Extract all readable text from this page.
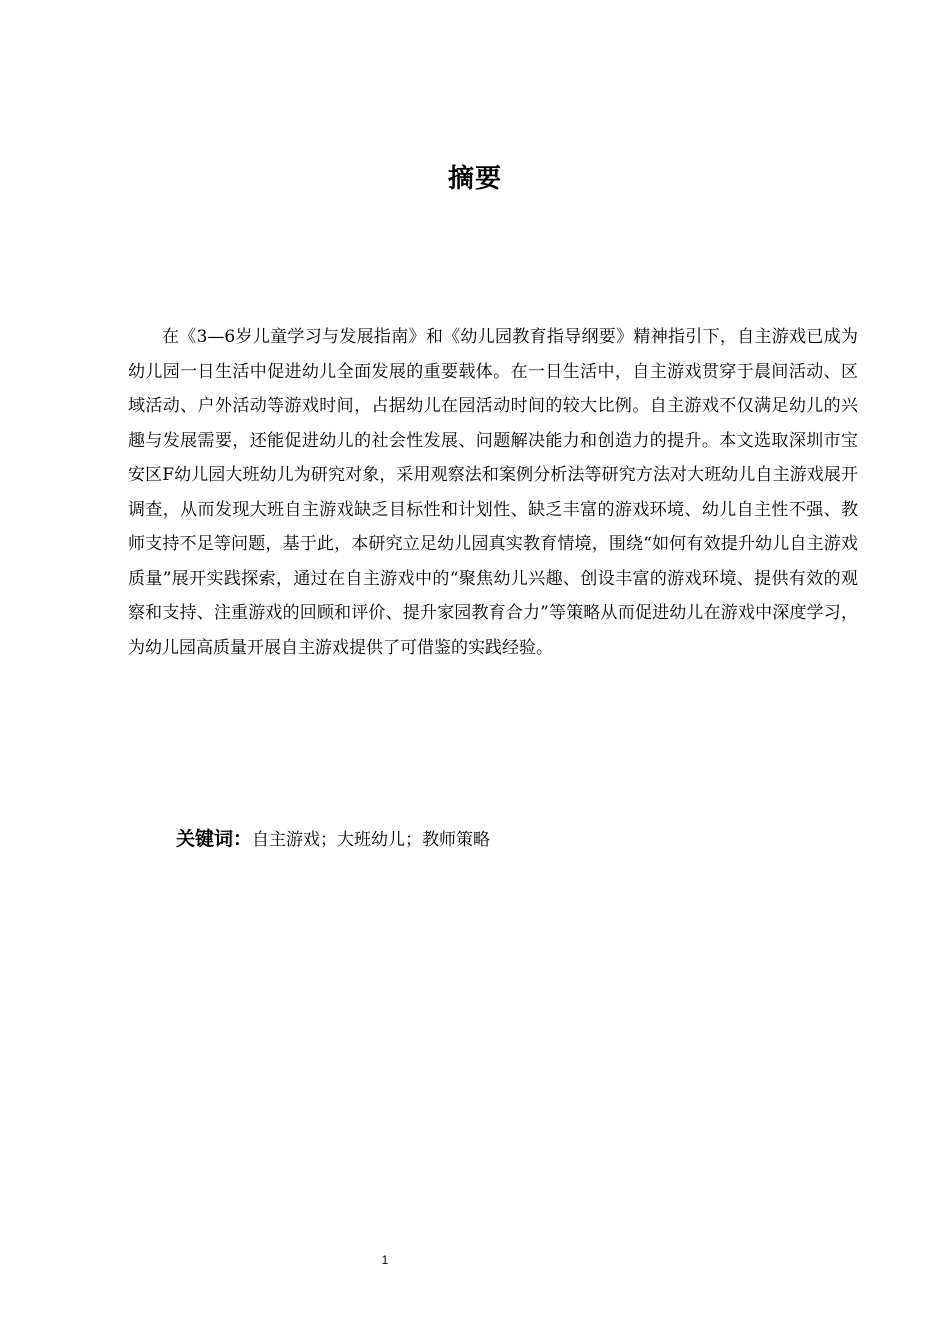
摘要

在《3—6岁儿童学习与发展指南》和《幼儿园教育指导纲要》精神指引下，自主游戏已成为幼儿园一日生活中促进幼儿全面发展的重要载体。在一日生活中，自主游戏贯穿于晨间活动、区域活动、户外活动等游戏时间，占据幼儿在园活动时间的较大比例。自主游戏不仅满足幼儿的兴趣与发展需要，还能促进幼儿的社会性发展、问题解决能力和创造力的提升。本文选取深圳市宝安区F幼儿园大班幼儿为研究对象，采用观察法和案例分析法等研究方法对大班幼儿自主游戏展开调查，从而发现大班自主游戏缺乏目标性和计划性、缺乏丰富的游戏环境、幼儿自主性不强、教师支持不足等问题，基于此，本研究立足幼儿园真实教育情境，围绕“如何有效提升幼儿自主游戏质量”展开实践探索，通过在自主游戏中的“聚焦幼儿兴趣、创设丰富的游戏环境、提供有效的观察和支持、注重游戏的回顾和评价、提升家园教育合力”等策略从而促进幼儿在游戏中深度学习，为幼儿园高质量开展自主游戏提供了可借鉴的实践经验。

关键词：自主游戏；大班幼儿；教师策略
1
